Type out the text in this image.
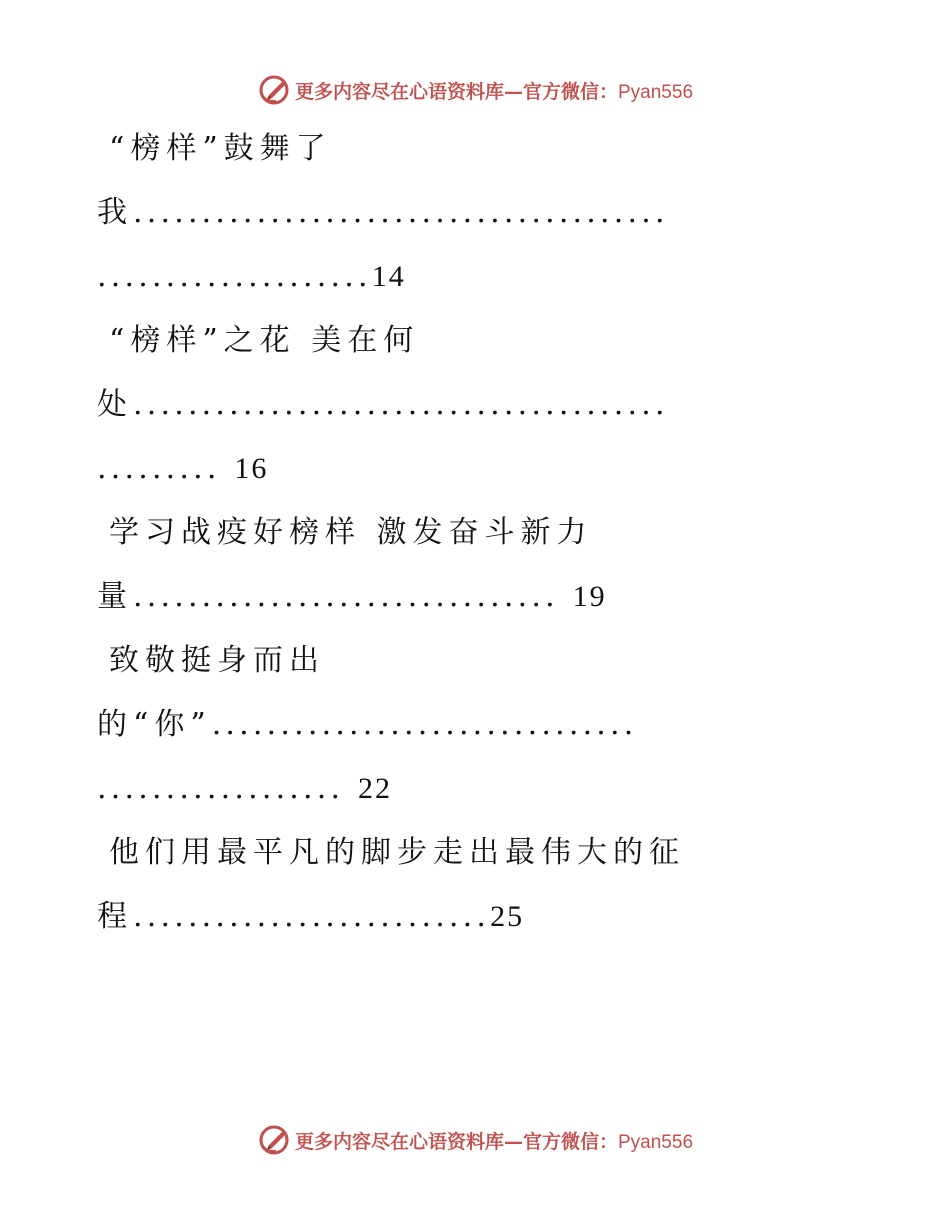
更多内容尽在心语资料库—官方微信：Pyan556
“榜样”鼓舞了
我.......................................
....................14
“榜样”之花 美在何
处.......................................
......... 16
学习战疫好榜样 激发奋斗新力
量............................... 19
致敬挺身而出
的“你”...............................
.................. 22
他们用最平凡的脚步走出最伟大的征
程..........................25
更多内容尽在心语资料库—官方微信：Pyan556
